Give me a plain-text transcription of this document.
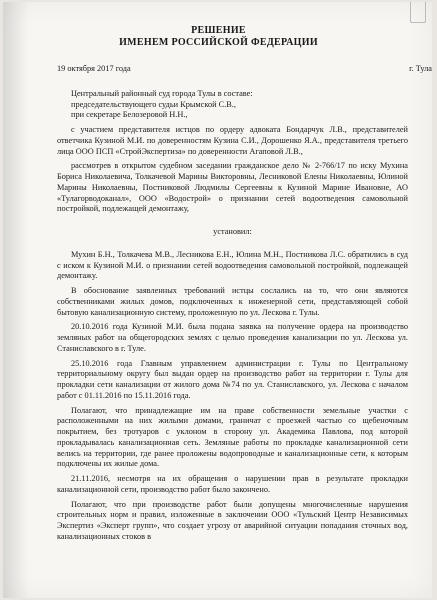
РЕШЕНИЕ
ИМЕНЕМ РОССИЙСКОЙ ФЕДЕРАЦИИ

19 октября 2017 года	г. Тула

Центральный районный суд города Тулы в составе:

председательствующего судьи Крымской С.В.,

при секретаре Белозеровой Н.Н.,

с участием представителя истцов по ордеру адвоката Бондарчук Л.В., представителей ответчика Кузиной М.И. по доверенностям Кузина С.И., Дорошенко Я.А., представителя третьего лица ООО ПСП «СтройЭкспертиза» по доверенности Агаповой Л.В.,

рассмотрев в открытом судебном заседании гражданское дело № 2-766/17 по иску Мухина Бориса Николаевича, Толкачевой Марины Викторовны, Лесниковой Елены Николаевны, Юлиной Марины Николаевны, Постниковой Людмилы Сергеевны к Кузиной Марине Ивановне, АО «Тулагорводоканал», ООО «Водострой» о признании сетей водоотведения самовольной постройкой, подлежащей демонтажу,

установил:

Мухин Б.Н., Толкачева М.В., Лесникова Е.Н., Юлина М.Н., Постникова Л.С. обратились в суд с иском к Кузиной М.И. о признании сетей водоотведения самовольной постройкой, подлежащей демонтажу.

В обоснование заявленных требований истцы сослались на то, что они являются собственниками жилых домов, подключенных к инженерной сети, представляющей собой бытовую канализационную систему, проложенную по ул. Лескова г. Тулы.

20.10.2016 года Кузиной М.И. была подана заявка на получение ордера на производство земляных работ на общегородских землях с целью проведения канализации по ул. Лескова ул. Станиславского в г. Туле.

25.10.2016 года Главным управлением администрации г. Тулы по Центральному территориальному округу был выдан ордер на производство работ на территории г. Тулы для прокладки сети канализации от жилого дома №74 по ул. Станиславского, ул. Лескова с началом работ с 01.11.2016 по 15.11.2016 года.

Полагают, что принадлежащие им на праве собственности земельные участки с расположенными на них жилыми домами, граничат с проезжей частью со щебеночным покрытием, без тротуаров с уклоном в сторону ул. Академика Павлова, под которой прокладывалась канализационная сеть. Земляные работы по прокладке канализационной сети велись на территории, где ранее проложены водопроводные и канализационные сети, к которым подключены их жилые дома.

21.11.2016, несмотря на их обращения о нарушении прав в результате прокладки канализационной сети, производство работ было закончено.

Полагают, что при производстве работ были допущены многочисленные нарушения строительных норм и правил, изложенные в заключении ООО «Тульский Центр Независимых Экспертиз «Эксперт групп», что создает угрозу от аварийной ситуации попадания сточных вод, канализационных стоков в
